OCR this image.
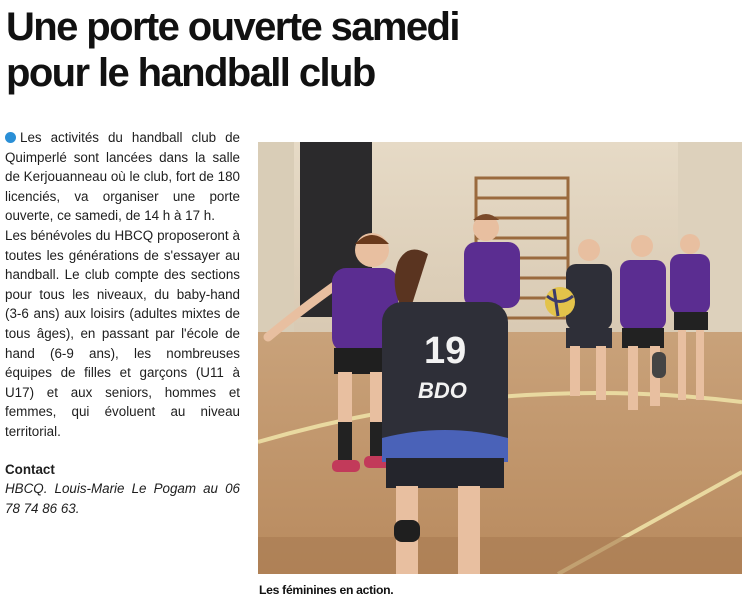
Une porte ouverte samedi
pour le handball club

Les activités du handball club de Quimperlé sont lancées dans la salle de Kerjouanneau où le club, fort de 180 licenciés, va organiser une porte ouverte, ce samedi, de 14 h à 17 h.

Les bénévoles du HBCQ proposeront à toutes les générations de s'essayer au handball. Le club compte des sections pour tous les niveaux, du baby-hand (3-6 ans) aux loisirs (adultes mixtes de tous âges), en passant par l'école de hand (6-9 ans), les nombreuses équipes de filles et garçons (U11 à U17) et aux seniors, hommes et femmes, qui évoluent au niveau territorial.

Contact

HBCQ. Louis-Marie Le Pogam au 06 78 74 86 63.

19
BDO
Les féminines en action.
